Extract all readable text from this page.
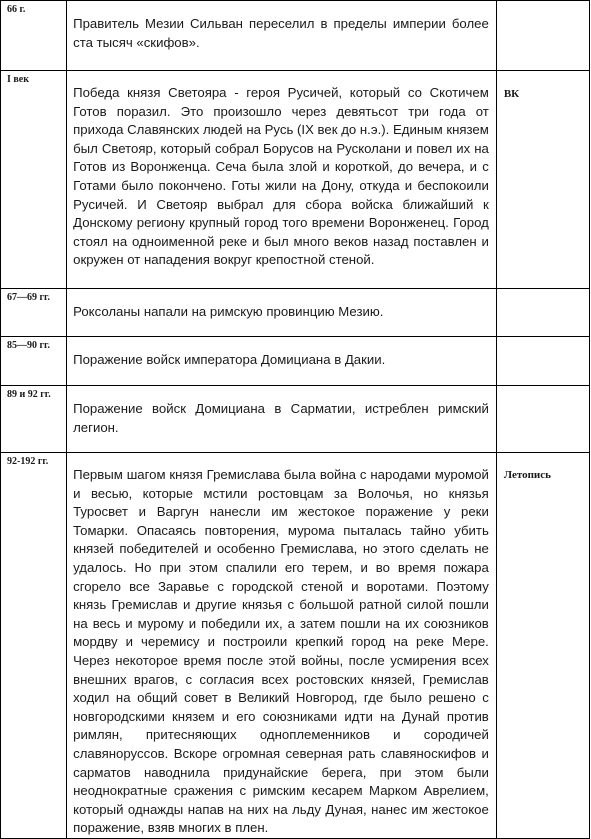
66 г.	Правитель Мезии Сильван переселил в пределы империи более ста тысяч «скифов».	
I век	Победа князя Светояра - героя Русичей, который со Скотичем Готов поразил. Это произошло через девятьсот три года от прихода Славянских людей на Русь (IX век до н.э.). Единым князем был Светояр, который собрал Борусов на Русколани и повел их на Готов из Воронженца. Сеча была злой и короткой, до вечера, и с Готами было покончено. Готы жили на Дону, откуда и беспокоили Русичей. И Светояр выбрал для сбора войска ближайший к Донскому региону крупный город того времени Воронженец. Город стоял на одноименной реке и был много веков назад поставлен и окружен от нападения вокруг крепостной стеной.	ВК
67—69 гг.	Роксоланы напали на римскую провинцию Мезию.	
85—90 гг.	Поражение войск императора Домициана в Дакии.	
89 и 92 гг.	Поражение войск Домициана в Сарматии, истреблен римский легион.	
92-192 гг.	Первым шагом князя Гремислава была война с народами муромой и весью, которые мстили ростовцам за Волочья, но князья Туросвет и Варгун нанесли им жестокое поражение у реки Томарки. Опасаясь повторения, мурома пыталась тайно убить князей победителей и особенно Гремислава, но этого сделать не удалось. Но при этом спалили его терем, и во время пожара сгорело все Заравье с городской стеной и воротами. Поэтому князь Гремислав и другие князья с большой ратной силой пошли на весь и мурому и победили их, а затем пошли на их союзников мордву и черемису и построили крепкий город на реке Мере. Через некоторое время после этой войны, после усмирения всех внешних врагов, с согласия всех ростовских князей, Гремислав ходил на общий совет в Великий Новгород, где было решено с новгородскими князем и его союзниками идти на Дунай против римлян, притесняющих одноплеменников и сородичей славяноруссов. Вскоре огромная северная рать славяноскифов и сарматов наводнила придунайские берега, при этом были неоднократные сражения с римским кесарем Марком Аврелием, который однажды напав на них на льду Дуная, нанес им жестокое поражение, взяв многих в плен.	Летопись
